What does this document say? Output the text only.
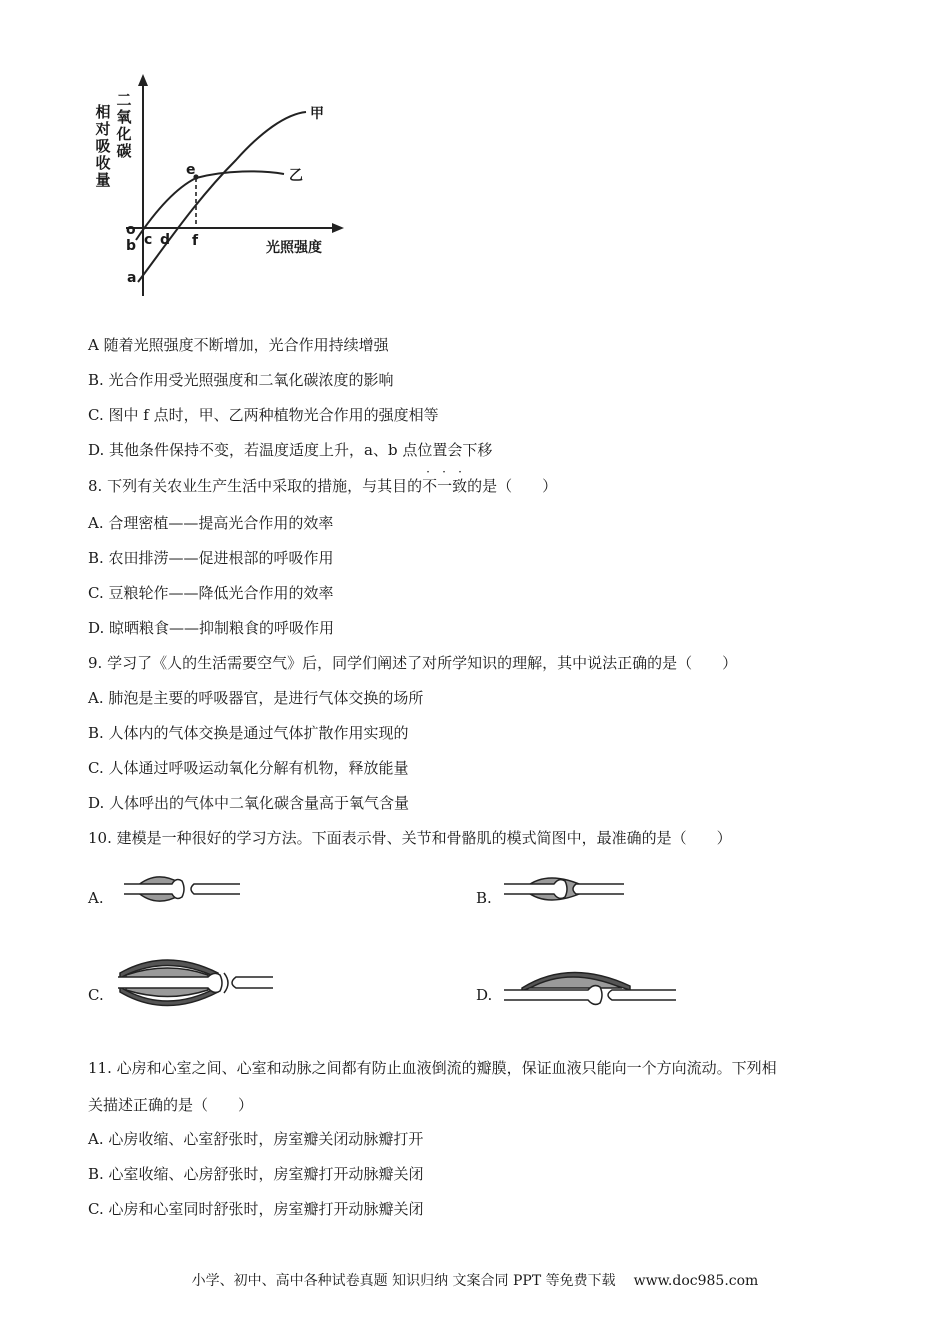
相对吸收量
二氧化碳
甲
乙
e
o
b c d f
a
光照强度
A 随着光照强度不断增加，光合作用持续增强
B. 光合作用受光照强度和二氧化碳浓度的影响
C. 图中 f 点时，甲、乙两种植物光合作用的强度相等
D. 其他条件保持不变，若温度适度上升，a、b 点位置会下移
8. 下列有关农业生产生活中采取的措施，与其目的
· · ·
不一致的是（　　）
A. 合理密植——提高光合作用的效率
B. 农田排涝——促进根部的呼吸作用
C. 豆粮轮作——降低光合作用的效率
D. 晾晒粮食——抑制粮食的呼吸作用
9. 学习了《人的生活需要空气》后，同学们阐述了对所学知识的理解，其中说法正确的是（　　）
A. 肺泡是主要的呼吸器官，是进行气体交换的场所
B. 人体内的气体交换是通过气体扩散作用实现的
C. 人体通过呼吸运动氧化分解有机物，释放能量
D. 人体呼出的气体中二氧化碳含量高于氧气含量
10. 建模是一种很好的学习方法。下面表示骨、关节和骨骼肌的模式简图中，最准确的是（　　）
A.	B.
C.	D.
11. 心房和心室之间、心室和动脉之间都有防止血液倒流的瓣膜，保证血液只能向一个方向流动。下列相
关描述正确的是（　　）
A. 心房收缩、心室舒张时，房室瓣关闭动脉瓣打开
B. 心室收缩、心房舒张时，房室瓣打开动脉瓣关闭
C. 心房和心室同时舒张时，房室瓣打开动脉瓣关闭
小学、初中、高中各种试卷真题 知识归纳 文案合同 PPT 等免费下载 www.doc985.com
